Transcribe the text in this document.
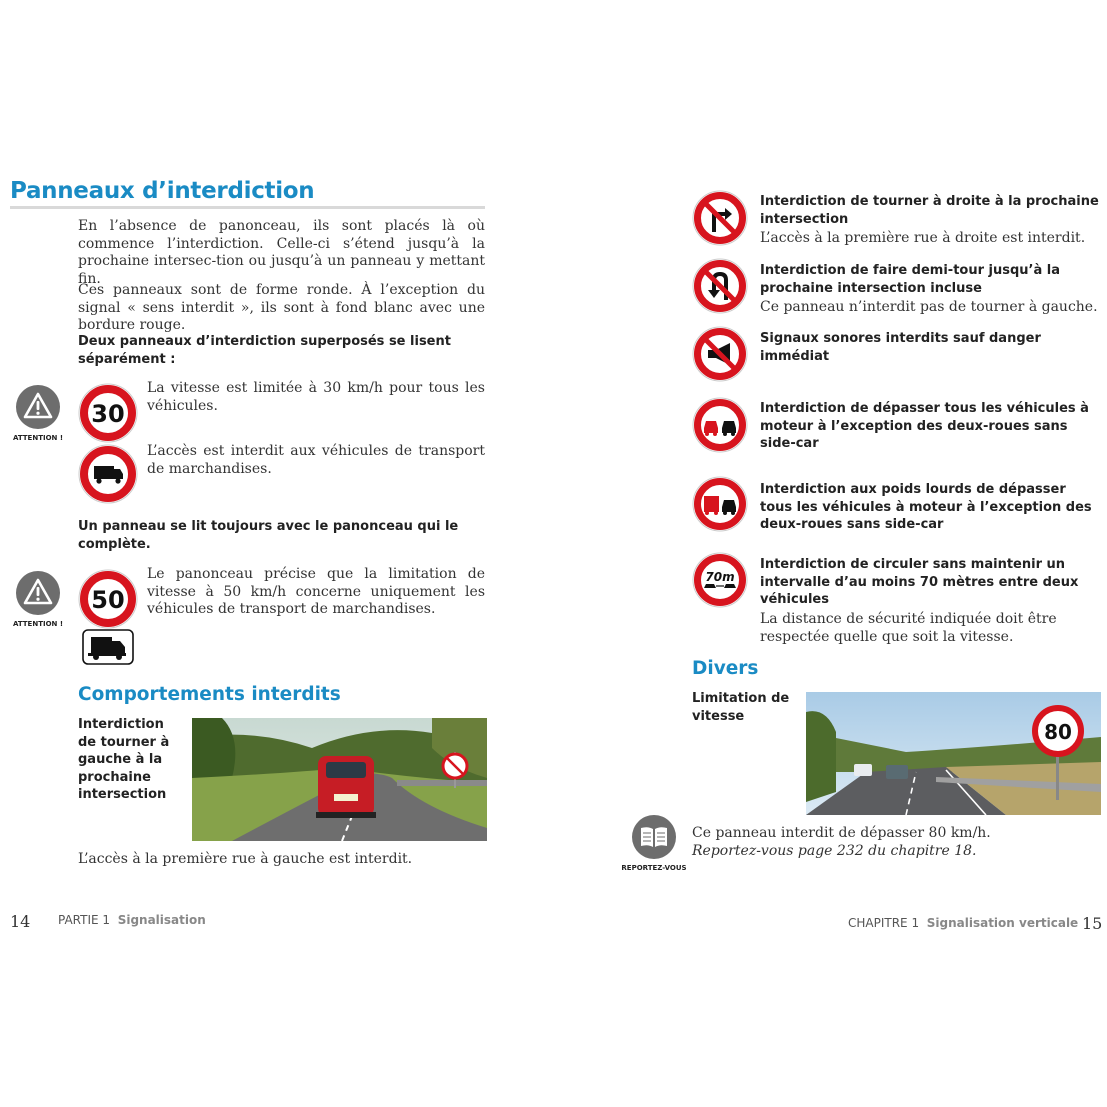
Panneaux d’interdiction
En l’absence de panonceau, ils sont placés là où commence l’interdiction. Celle-ci s’étend jusqu’à la prochaine intersec-tion ou jusqu’à un panneau y mettant fin.
Ces panneaux sont de forme ronde. À l’exception du signal « sens interdit », ils sont à fond blanc avec une bordure rouge.
Deux panneaux d’interdiction superposés se lisent séparément :
ATTENTION !
30
La vitesse est limitée à 30 km/h pour tous les véhicules.
L’accès est interdit aux véhicules de transport de marchandises.
Un panneau se lit toujours avec le panonceau qui le complète.
ATTENTION !
50
Le panonceau précise que la limitation de vitesse à 50 km/h concerne uniquement les véhicules de transport de marchandises.
Comportements interdits
Interdiction de tourner à gauche à la prochaine intersection
L’accès à la première rue à gauche est interdit.
14 PARTIE 1 Signalisation
Interdiction de tourner à droite à la prochaine intersection
L’accès à la première rue à droite est interdit.
Interdiction de faire demi-tour jusqu’à la prochaine intersection incluse
Ce panneau n’interdit pas de tourner à gauche.
Signaux sonores interdits sauf danger immédiat
Interdiction de dépasser tous les véhicules à moteur à l’exception des deux-roues sans side-car
Interdiction aux poids lourds de dépasser tous les véhicules à moteur à l’exception des deux-roues sans side-car
70m
Interdiction de circuler sans maintenir un intervalle d’au moins 70 mètres entre deux véhicules
La distance de sécurité indiquée doit être respectée quelle que soit la vitesse.
Divers
Limitation de vitesse
80
REPORTEZ-VOUS
Ce panneau interdit de dépasser 80 km/h.
Reportez-vous page 232 du chapitre 18.
CHAPITRE 1 Signalisation verticale 15
